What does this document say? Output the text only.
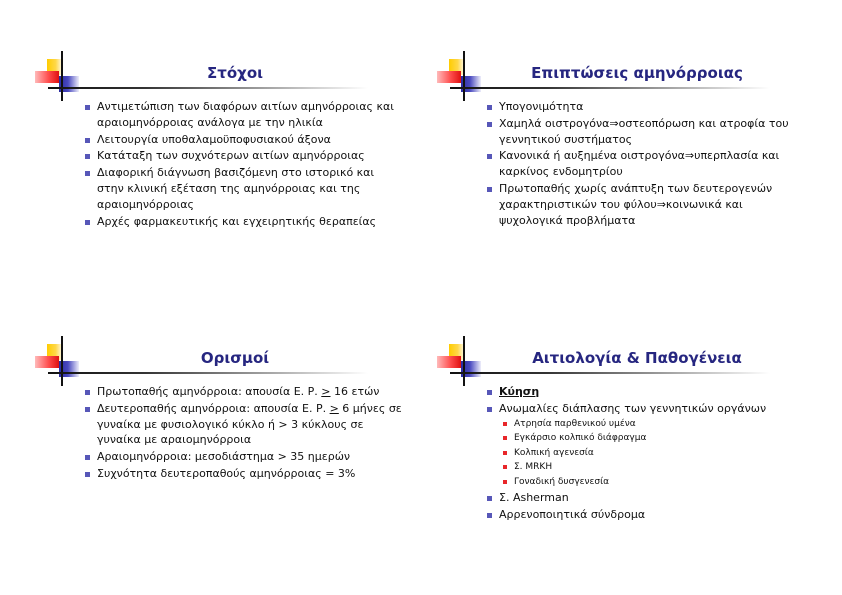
Στόχοι
Αντιμετώπιση των διαφόρων αιτίων αμηνόρροιας και αραιομηνόρροιας ανάλογα με την ηλικία
Λειτουργία υποθαλαμοϋποφυσιακού άξονα
Κατάταξη των συχνότερων αιτίων αμηνόρροιας
Διαφορική διάγνωση βασιζόμενη στο ιστορικό και στην κλινική εξέταση της αμηνόρροιας και της αραιομηνόρροιας
Αρχές φαρμακευτικής και εγχειρητικής θεραπείας
Επιπτώσεις αμηνόρροιας
Υπογονιμότητα
Χαμηλά οιστρογόνα⇒οστεοπόρωση και ατροφία του γεννητικού συστήματος
Κανονικά ή αυξημένα οιστρογόνα⇒υπερπλασία και καρκίνος ενδομητρίου
Πρωτοπαθής χωρίς ανάπτυξη των δευτερογενών χαρακτηριστικών του φύλου⇒κοινωνικά και ψυχολογικά προβλήματα
Ορισμοί
Πρωτοπαθής αμηνόρροια: απουσία Ε. Ρ. > 16 ετών
Δευτεροπαθής αμηνόρροια: απουσία Ε. Ρ. > 6 μήνες σε γυναίκα με φυσιολογικό κύκλο ή > 3 κύκλους σε γυναίκα με αραιομηνόρροια
Αραιομηνόρροια: μεσοδιάστημα > 35 ημερών
Συχνότητα δευτεροπαθούς αμηνόρροιας = 3%
Αιτιολογία & Παθογένεια
Κύηση
Ανωμαλίες διάπλασης των γεννητικών οργάνων
Ατρησία παρθενικού υμένα
Εγκάρσιο κολπικό διάφραγμα
Κολπική αγενεσία
Σ. MRKH
Γοναδική δυσγενεσία
Σ. Asherman
Αρρενοποιητικά σύνδρομα
